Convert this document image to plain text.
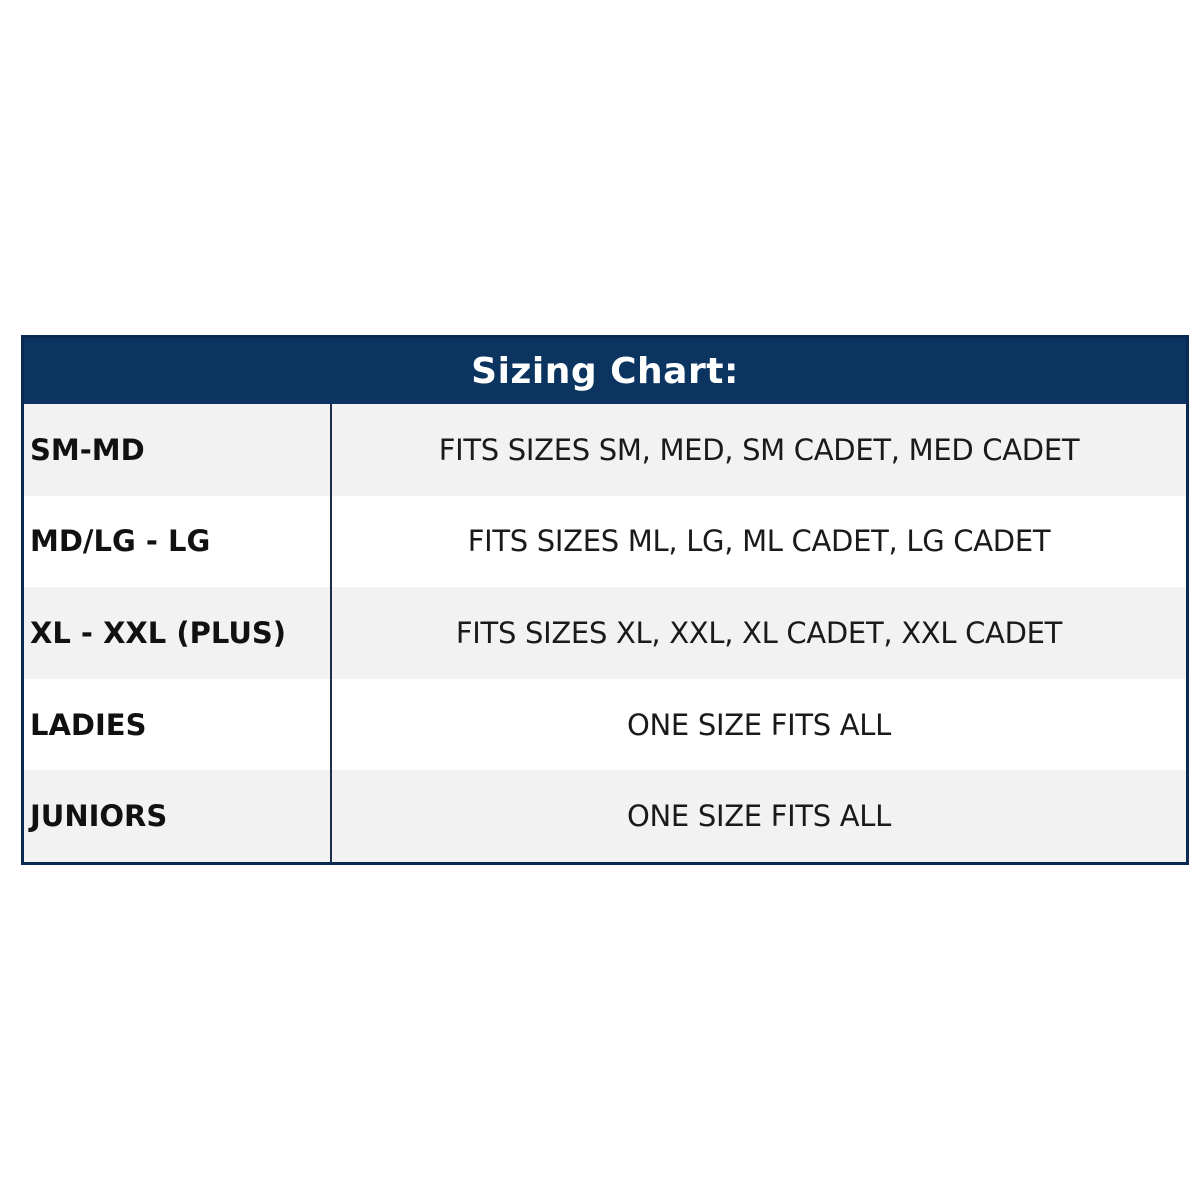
Sizing Chart:
SM-MD	FITS SIZES SM, MED, SM CADET, MED CADET
MD/LG - LG	FITS SIZES ML, LG, ML CADET, LG CADET
XL - XXL (PLUS)	FITS SIZES XL, XXL, XL CADET, XXL CADET
LADIES	ONE SIZE FITS ALL
JUNIORS	ONE SIZE FITS ALL
